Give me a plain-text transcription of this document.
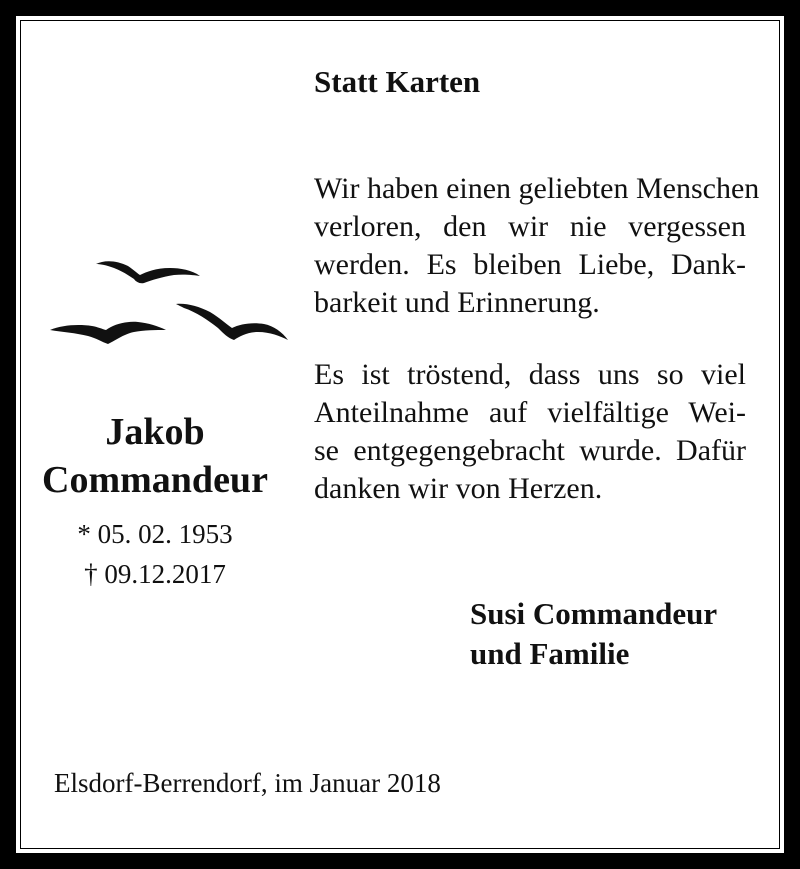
Statt Karten
Wir haben einen geliebten Menschen
verloren, den wir nie vergessen
werden. Es bleiben Liebe, Dank-
barkeit und Erinnerung.
Es ist tröstend, dass uns so viel
Anteilnahme auf vielfältige Wei-
se entgegengebracht wurde. Dafür
danken wir von Herzen.
Jakob
Commandeur
* 05. 02. 1953
† 09.12.2017
Susi Commandeur
und Familie
Elsdorf-Berrendorf, im Januar 2018
